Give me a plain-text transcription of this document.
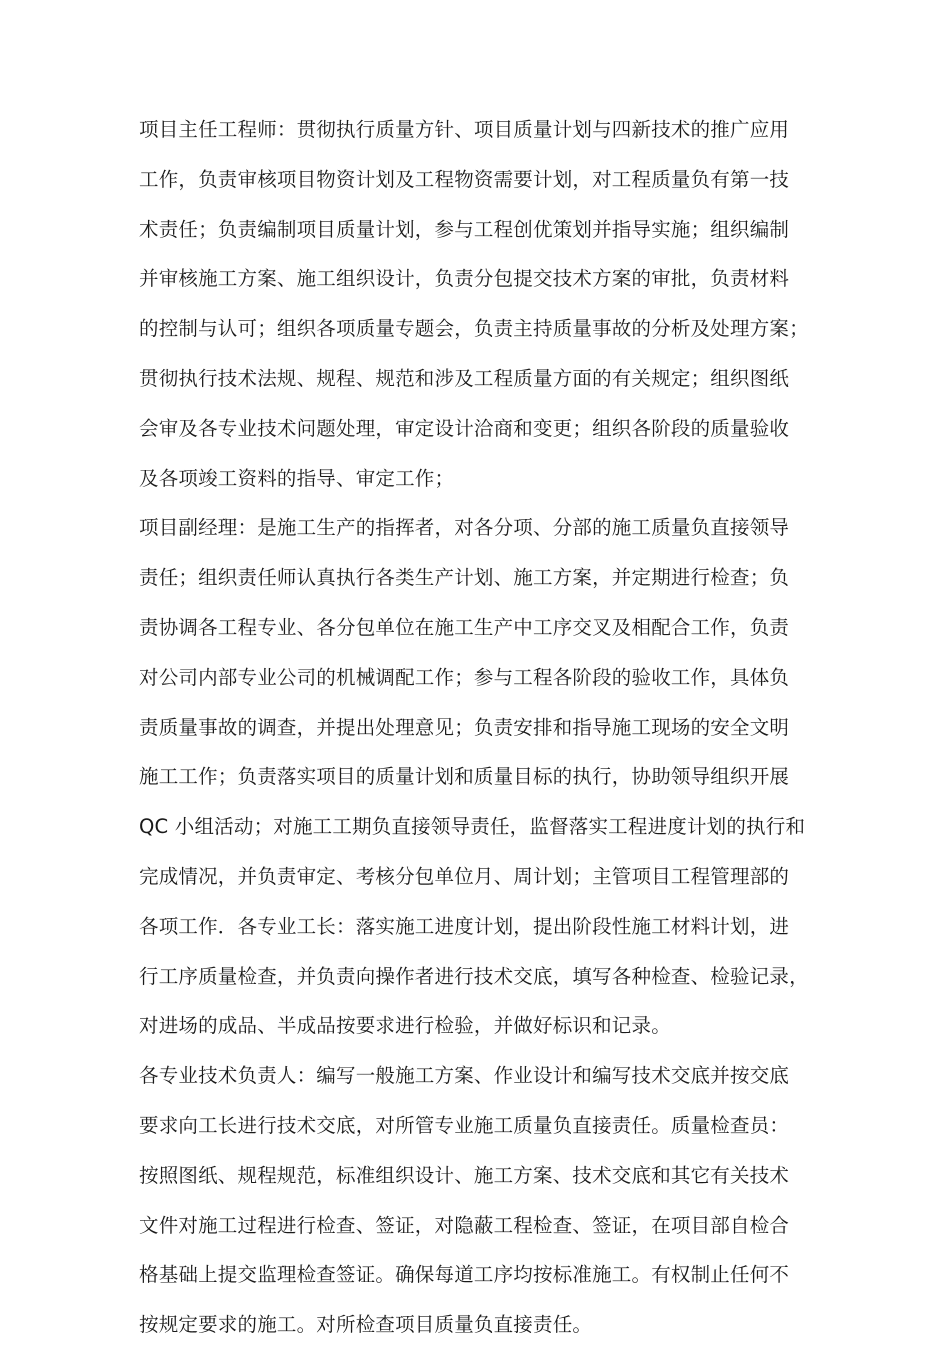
项目主任工程师：贯彻执行质量方针、项目质量计划与四新技术的推广应用
工作，负责审核项目物资计划及工程物资需要计划，对工程质量负有第一技
术责任；负责编制项目质量计划，参与工程创优策划并指导实施；组织编制
并审核施工方案、施工组织设计，负责分包提交技术方案的审批，负责材料
的控制与认可；组织各项质量专题会，负责主持质量事故的分析及处理方案；
贯彻执行技术法规、规程、规范和涉及工程质量方面的有关规定；组织图纸
会审及各专业技术问题处理，审定设计洽商和变更；组织各阶段的质量验收
及各项竣工资料的指导、审定工作；
项目副经理：是施工生产的指挥者，对各分项、分部的施工质量负直接领导
责任；组织责任师认真执行各类生产计划、施工方案，并定期进行检查；负
责协调各工程专业、各分包单位在施工生产中工序交叉及相配合工作，负责
对公司内部专业公司的机械调配工作；参与工程各阶段的验收工作，具体负
责质量事故的调查，并提出处理意见；负责安排和指导施工现场的安全文明
施工工作；负责落实项目的质量计划和质量目标的执行，协助领导组织开展
QC 小组活动；对施工工期负直接领导责任，监督落实工程进度计划的执行和
完成情况，并负责审定、考核分包单位月、周计划；主管项目工程管理部的
各项工作．各专业工长：落实施工进度计划，提出阶段性施工材料计划，进
行工序质量检查，并负责向操作者进行技术交底，填写各种检查、检验记录，
对进场的成品、半成品按要求进行检验，并做好标识和记录。
各专业技术负责人：编写一般施工方案、作业设计和编写技术交底并按交底
要求向工长进行技术交底，对所管专业施工质量负直接责任。质量检查员：
按照图纸、规程规范，标准组织设计、施工方案、技术交底和其它有关技术
文件对施工过程进行检查、签证，对隐蔽工程检查、签证，在项目部自检合
格基础上提交监理检查签证。确保每道工序均按标准施工。有权制止任何不
按规定要求的施工。对所检查项目质量负直接责任。
